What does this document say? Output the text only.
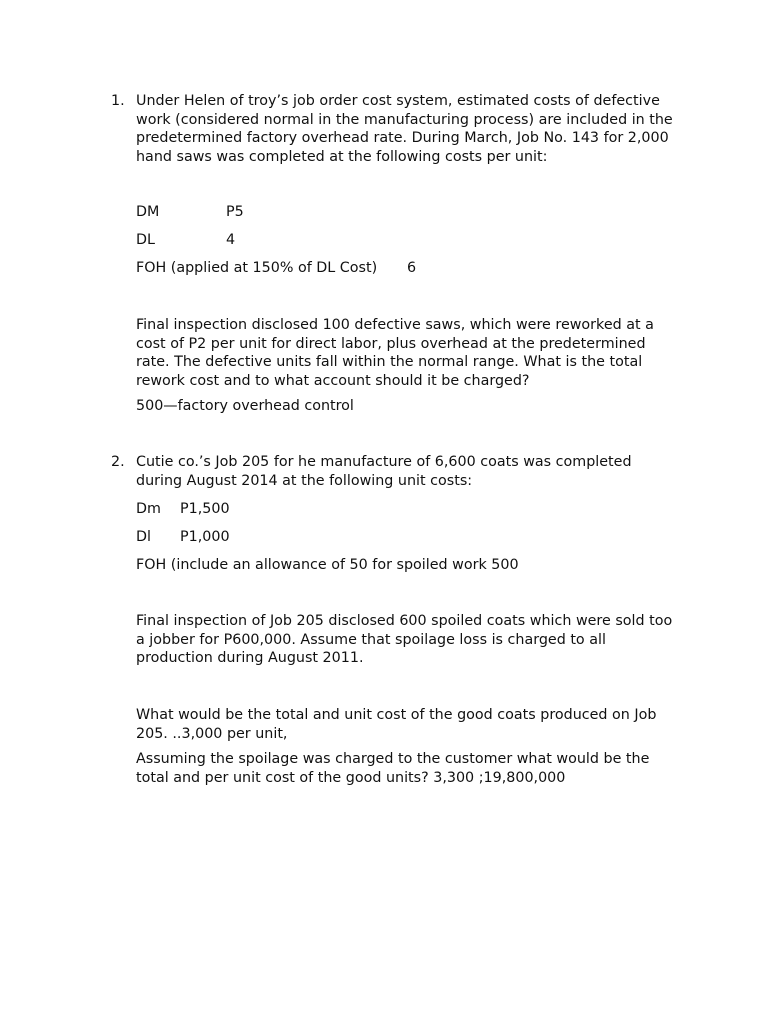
1. Under Helen of troy’s job order cost system, estimated costs of defective work (considered normal in the manufacturing process) are included in the predetermined factory overhead rate. During March, Job No. 143 for 2,000 hand saws was completed at the following costs per unit:

DM	P5
DL	4
FOH (applied at 150% of DL Cost) 6

Final inspection disclosed 100 defective saws, which were reworked at a cost of P2 per unit for direct labor, plus overhead at the predetermined rate. The defective units fall within the normal range. What is the total rework cost and to what account should it be charged?

500—factory overhead control

2. Cutie co.’s Job 205 for he manufacture of 6,600 coats was completed during August 2014 at the following unit costs:

Dm P1,500
Dl P1,000
FOH (include an allowance of 50 for spoiled work 500

Final inspection of Job 205 disclosed 600 spoiled coats which were sold too a jobber for P600,000. Assume that spoilage loss is charged to all production during August 2011.

What would be the total and unit cost of the good coats produced on Job 205. ..3,000 per unit,

Assuming the spoilage was charged to the customer what would be the total and per unit cost of the good units? 3,300 ;19,800,000
